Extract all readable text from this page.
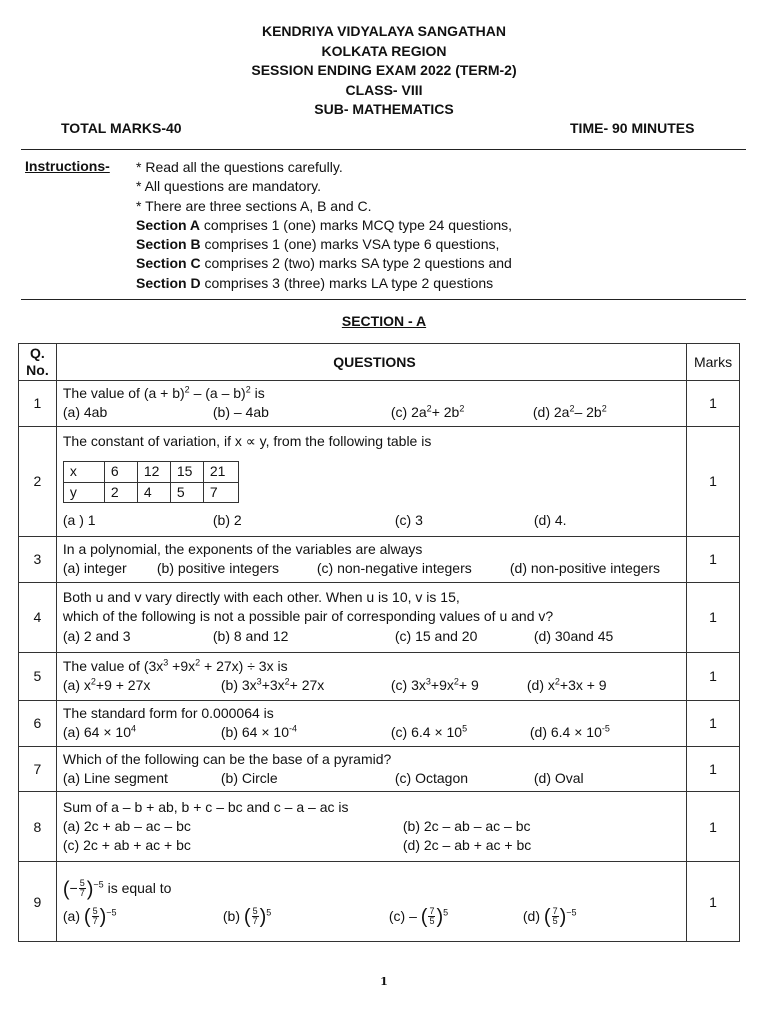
KENDRIYA VIDYALAYA SANGATHAN
KOLKATA REGION
SESSION ENDING EXAM 2022 (TERM-2)
CLASS- VIII
SUB- MATHEMATICS
TOTAL MARKS-40	TIME- 90 MINUTES
Instructions- * Read all the questions carefully.
* All questions are mandatory.
* There are three sections A, B and C.
Section A comprises 1 (one) marks MCQ type 24 questions,
Section B comprises 1 (one) marks VSA type 6 questions,
Section C comprises 2 (two) marks SA type 2 questions and
Section D comprises 3 (three) marks LA type 2 questions
SECTION - A
Q. No.	QUESTIONS	Marks
1	
The value of $(a + b)^2 - (a - b)^2$ is
(a) 4ab	(b) – 4ab	(c) $2a^2+ 2b^2$	(d) $2a^2-$ $2b^2$	1
2	
The constant of variation, if x ∝ y, from the following table is
x	6	12	15	21
y	2	4	5	7
(a ) 1	(b) 2	(c) 3	(d) 4.
	1
3	
In a polynomial, the exponents of the variables are always
(a) integer	(b) positive integers	(c) non-negative integers	(d) non-positive integers
	1
4	
Both u and v vary directly with each other. When u is 10, v is 15,
which of the following is not a possible pair of corresponding values of u and v?
(a) 2 and 3	(b) 8 and 12	(c) 15 and 20	(d) 30and 45
	1
5	
The value of $(3x^3 +9x^2 + 27x) \div 3x$ is
(a) $x^2+9 + 27x$	(b) $3x^3+3x^2+ 27x$	(c) $3x^3+9x^2+ 9$	(d) $x^2+3x + 9$
	1
6	
The standard form for 0.000064 is
(a) $64 \times 10^4$	(b) $64 \times 10^{-4}$	(c) $6.4 \times 10^5$	(d) $6.4 \times 10^{-5}$	1
7	
Which of the following can be the base of a pyramid?
(a) Line segment	(b) Circle	(c) Octagon	(d) Oval
	1
8	
Sum of a – b + ab, b + c – bc and c – a – ac is
(a) 2c + ab – ac – bc	(b) 2c – ab – ac – bc
(c) 2c + ab + ac + bc	(d) 2c – ab + ac + bc
	1
9	
(− $\frac{5}{7} )^{-5}$ is equal to
(a) ( $\frac{5}{7} )^{-5}$	(b) ( $\frac{5}{7} )^5$	(c) – ( $\frac{7}{5} )^5$	(d) ( $\frac{7}{5} )^{-5}$
	1
1
